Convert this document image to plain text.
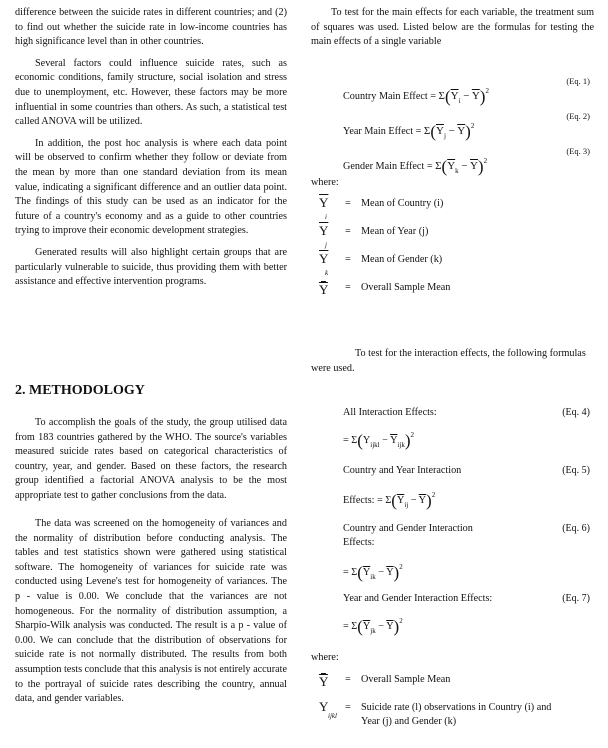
difference between the suicide rates in different countries; and (2) to find out whether the suicide rate in low-income countries has high significance level than in other countries.

Several factors could influence suicide rates, such as economic conditions, family structure, social isolation and stress due to unemployment, etc. However, these factors may be more influential in some countries than others. As such, a statistical test called ANOVA will be utilized.

In addition, the post hoc analysis is where each data point will be observed to confirm whether they follow or deviate from the mean by more than one standard deviation from its mean value, indicating a significant difference and an outlier data point. The findings of this study can be used as an indicator for the future of a country's economy and as a guide to other countries trying to improve their economic development strategies.

Generated results will also highlight certain groups that are particularly vulnerable to suicide, thus providing them with better assistance and effective intervention programs.

2. METHODOLOGY

To accomplish the goals of the study, the group utilised data from 183 countries gathered by the WHO. The source's variables measured suicide rates based on categorical characteristics of country, year, and gender. Based on these factors, the research group identified a factorial ANOVA analysis to be the most appropriate test to gather conclusions from the data.

The data was screened on the homogeneity of variances and the normality of distribution before conducting analysis. The tables and test statistics shown were gathered using statistical software. The homogeneity of variances for suicide rate was conducted using Levene's test for homogeneity of variances. The p - value is 0.00. We conclude that the variances are not homogeneous. For the normality of distribution assumption, a Sharpio-Wilk analysis was conducted. The result is a p - value of 0.00. We can conclude that the distribution of observations for suicide rate is not normally distributed. The results from both assumption tests conclude that this analysis is not entirely accurate to the portrayal of suicide rates describing the country, annual data, and gender variables.

To test for the main effects for each variable, the treatment sum of squares was used. Listed below are the formulas for testing the main effects of a single variable

Country Main Effect = $\Sigma(\overline{Y}_i - \overline{Y})^2$
(Eq. 1)
Year Main Effect = $\Sigma(\overline{Y}_j - \overline{Y})^2$
(Eq. 2)
Gender Main Effect = $\Sigma(\overline{Y}_k - \overline{Y})^2$
(Eq. 3)

where:

$\overline{Y}$
i
= Mean of Country (i)
$\overline{Y}$
j
= Mean of Year (j)
$\overline{Y}$
k
= Mean of Gender (k)
Y = Overall Sample Mean

To test for the interaction effects, the following formulas were used.

All Interaction Effects:	(Eq. 4)
= $\Sigma(Y_{ijkl} - \overline{Y}_{ijk})^2$
Country and Year Interaction	(Eq. 5)
Effects: = $\Sigma(\overline{Y}_{ij} - \overline{Y})^2$
Country and Gender Interaction
Effects:
(Eq. 6)
= $\Sigma(\overline{Y}_{ik} - \overline{Y})^2$
Year and Gender Interaction Effects:	(Eq. 7)
= $\Sigma(\overline{Y}_{jk} - \overline{Y})^2$

where:

Y = Overall Sample Mean
Y
ijkl
= Suicide rate (l) observations in Country (i) and
Year (j) and Gender (k)
